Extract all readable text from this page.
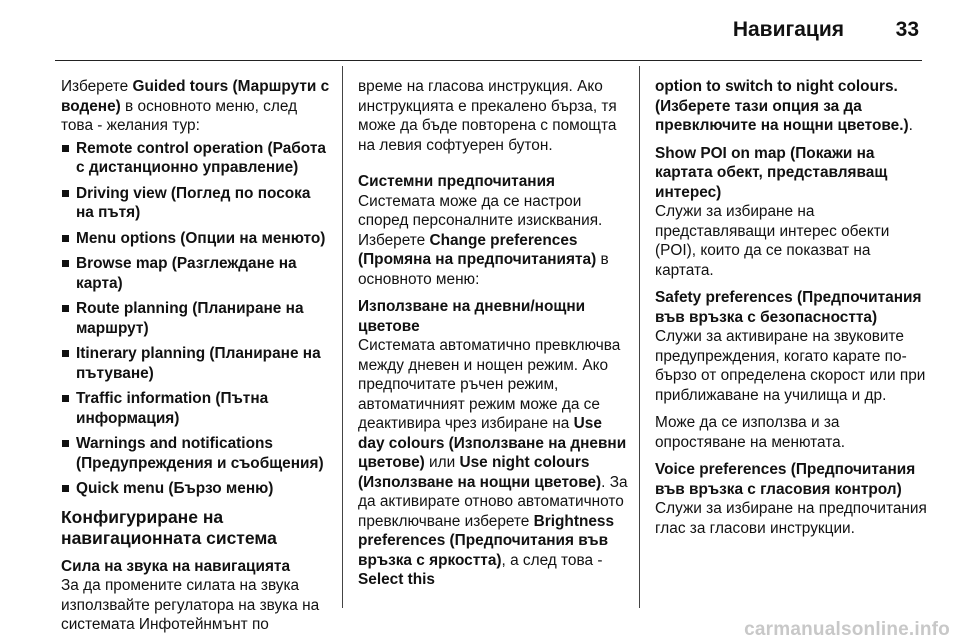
Навигация 33

Изберете Guided tours (Маршрути с водене) в основното меню, след това - желания тур:

Remote control operation (Работа с дистанционно управление)
Driving view (Поглед по посока на пътя)
Menu options (Опции на менюто)
Browse map (Разглеждане на карта)
Route planning (Планиране на маршрут)
Itinerary planning (Планиране на пътуване)
Traffic information (Пътна информация)
Warnings and notifications (Предупреждения и съобщения)
Quick menu (Бързо меню)
Конфигуриране на навигационната система

Сила на звука на навигацията

За да промените силата на звука използвайте регулатора на звука на системата Инфотейнмънт по

време на гласова инструкция. Ако инструкцията е прекалено бърза, тя може да бъде повторена с помощта на левия софтуерен бутон.

Системни предпочитания

Системата може да се настрои според персоналните изисквания. Изберете Change preferences (Промяна на предпочитанията) в основното меню:

Използване на дневни/нощни цветове

Системата автоматично превключва между дневен и нощен режим. Ако предпочитате ръчен режим, автоматичният режим може да се деактивира чрез избиране на Use day colours (Използване на дневни цветове) или Use night colours (Използване на нощни цветове). За да активирате отново автоматичното превключване изберете Brightness preferences (Предпочитания във връзка с яркостта), а след това - Select this

option to switch to night colours. (Изберете тази опция за да превключите на нощни цветове.).

Show POI on map (Покажи на картата обект, представляващ интерес)

Служи за избиране на представляващи интерес обекти (POI), които да се показват на картата.

Safety preferences (Предпочитания във връзка с безопасността)

Служи за активиране на звуковите предупреждения, когато карате по-бързо от определена скорост или при приближаване на училища и др.

Може да се използва и за опростяване на менютата.

Voice preferences (Предпочитания във връзка с гласовия контрол)

Служи за избиране на предпочитания глас за гласови инструкции.

carmanualsonline.info
